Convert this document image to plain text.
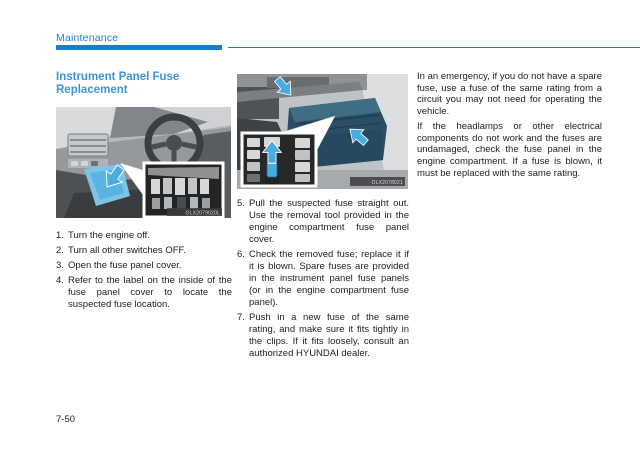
Maintenance
Instrument Panel Fuse Replacement
OLX2079020L
1. Turn the engine off.
2. Turn all other switches OFF.
3. Open the fuse panel cover.
4. Refer to the label on the inside of the fuse panel cover to locate the suspected fuse location.
OLX2078021
5. Pull the suspected fuse straight out. Use the removal tool provided in the engine compartment fuse panel cover.
6. Check the removed fuse; replace it if it is blown. Spare fuses are provided in the instrument panel fuse panels (or in the engine compartment fuse panel).
7. Push in a new fuse of the same rating, and make sure it fits tightly in the clips. If it fits loosely, consult an authorized HYUNDAI dealer.

In an emergency, if you do not have a spare fuse, use a fuse of the same rating from a circuit you may not need for operating the vehicle.

If the headlamps or other electrical components do not work and the fuses are undamaged, check the fuse panel in the engine compartment. If a fuse is blown, it must be replaced with the same rating.

7-50
